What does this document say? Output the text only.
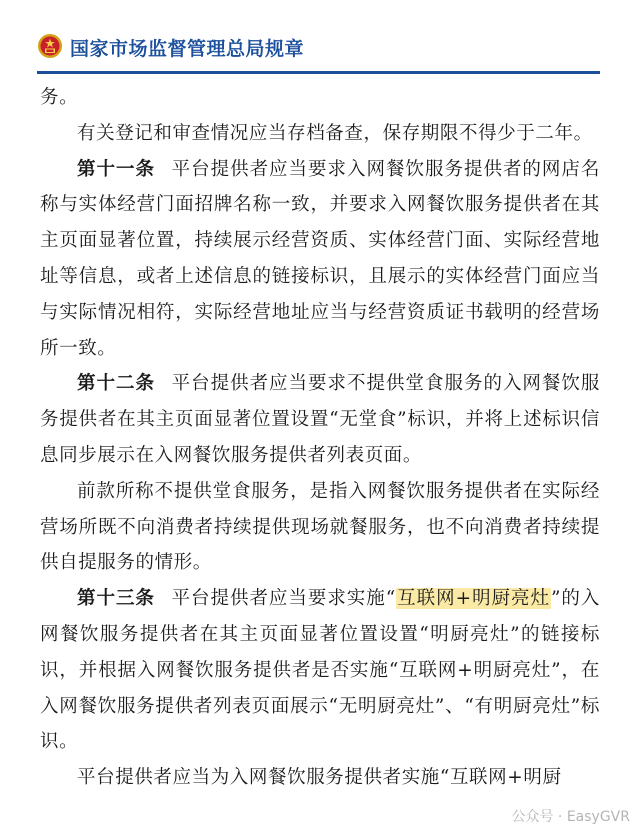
国家市场监督管理总局规章

务。

有关登记和审查情况应当存档备查，保存期限不得少于二年。

第十一条 平台提供者应当要求入网餐饮服务提供者的网店名称与实体经营门面招牌名称一致，并要求入网餐饮服务提供者在其主页面显著位置，持续展示经营资质、实体经营门面、实际经营地址等信息，或者上述信息的链接标识，且展示的实体经营门面应当与实际情况相符，实际经营地址应当与经营资质证书载明的经营场所一致。

第十二条 平台提供者应当要求不提供堂食服务的入网餐饮服务提供者在其主页面显著位置设置“无堂食”标识，并将上述标识信息同步展示在入网餐饮服务提供者列表页面。

前款所称不提供堂食服务，是指入网餐饮服务提供者在实际经营场所既不向消费者持续提供现场就餐服务，也不向消费者持续提供自提服务的情形。

第十三条 平台提供者应当要求实施“互联网+明厨亮灶”的入网餐饮服务提供者在其主页面显著位置设置“明厨亮灶”的链接标识，并根据入网餐饮服务提供者是否实施“互联网+明厨亮灶”，在入网餐饮服务提供者列表页面展示“无明厨亮灶”、“有明厨亮灶”标识。

平台提供者应当为入网餐饮服务提供者实施“互联网+明厨

公众号 · EasyGVR
